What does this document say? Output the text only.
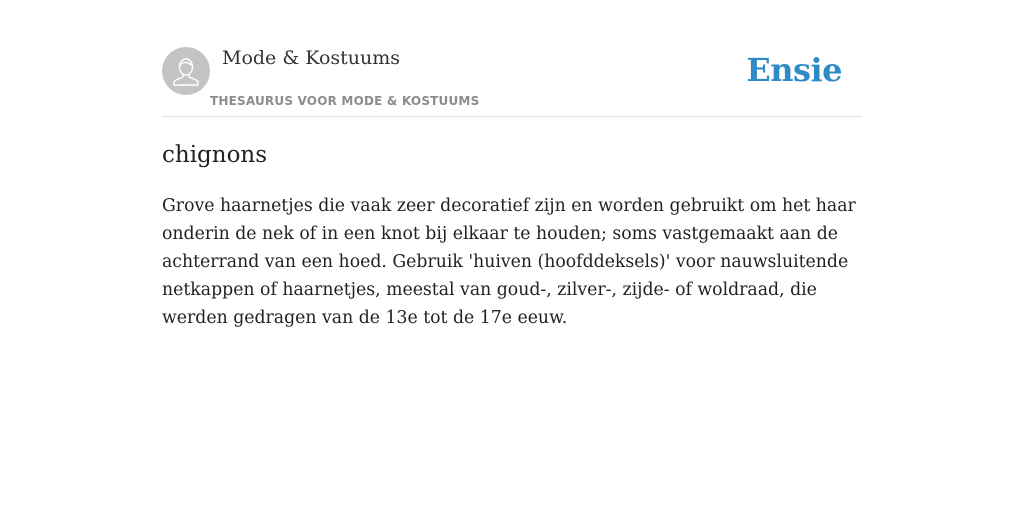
Mode & Kostuums
THESAURUS VOOR MODE & KOSTUUMS
Ensie
chignons

Grove haarnetjes die vaak zeer decoratief zijn en worden gebruikt om het haar onderin de nek of in een knot bij elkaar te houden; soms vastgemaakt aan de achterrand van een hoed. Gebruik 'huiven (hoofddeksels)' voor nauwsluitende netkappen of haarnetjes, meestal van goud-, zilver-, zijde- of woldraad, die werden gedragen van de 13e tot de 17e eeuw.
